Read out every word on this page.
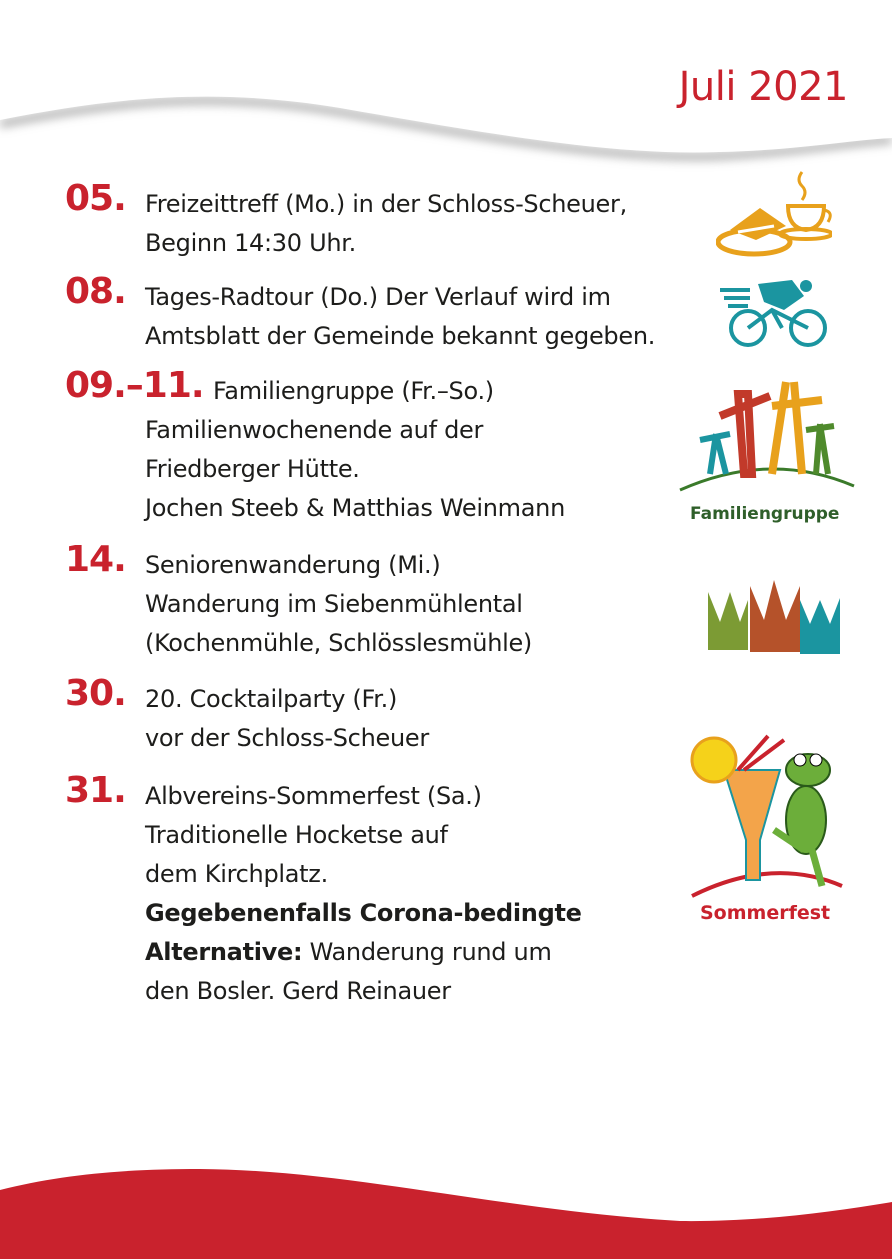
Juli 2021
05. Freizeittreff (Mo.) in der Schloss-Scheuer,
Beginn 14:30 Uhr.
08. Tages-Radtour (Do.) Der Verlauf wird im
Amtsblatt der Gemeinde bekannt gegeben.
09.–11. Familiengruppe (Fr.–So.)
Familienwochenende auf der
Friedberger Hütte.
Jochen Steeb & Matthias Weinmann
14. Seniorenwanderung (Mi.)
Wanderung im Siebenmühlental
(Kochenmühle, Schlösslesmühle)
30. 20. Cocktailparty (Fr.)
vor der Schloss-Scheuer
31. Albvereins-Sommerfest (Sa.)
Traditionelle Hocketse auf
dem Kirchplatz.
Gegebenenfalls Corona-bedingte
Alternative: Wanderung rund um
den Bosler. Gerd Reinauer
Familiengruppe
Sommerfest
